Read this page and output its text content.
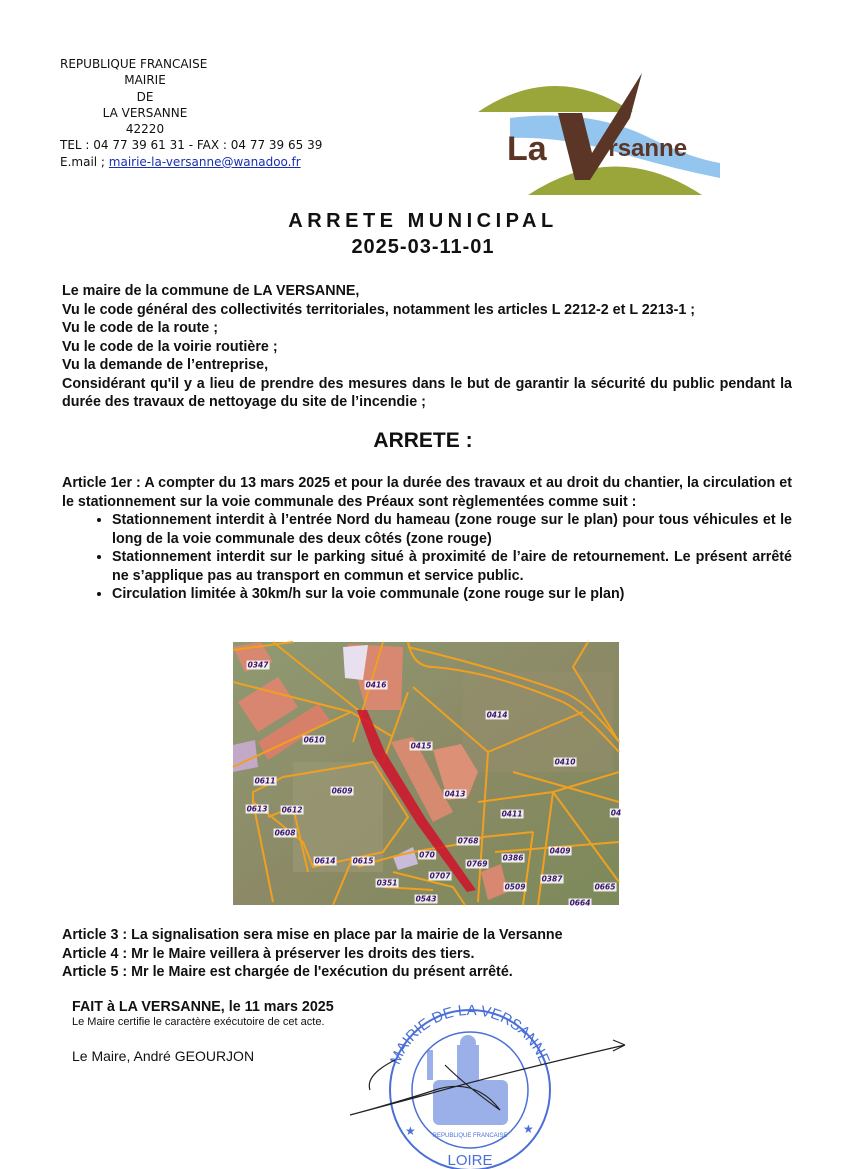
REPUBLIQUE FRANCAISE
MAIRIE
DE
LA VERSANNE
42220
TEL : 04 77 39 61 31 - FAX : 04 77 39 65 39
E.mail ; mairie-la-versanne@wanadoo.fr	La ersanne
ARRETE MUNICIPAL
2025-03-11-01
Le maire de la commune de LA VERSANNE,
Vu le code général des collectivités territoriales, notamment les articles L 2212-2 et L 2213-1 ;
Vu le code de la route ;
Vu le code de la voirie routière ;
Vu la demande de l’entreprise,
Considérant qu'il y a lieu de prendre des mesures dans le but de garantir la sécurité du public pendant la durée des travaux de nettoyage du site de l’incendie ;
ARRETE :
Article 1er : A compter du 13 mars 2025 et pour la durée des travaux et au droit du chantier, la circulation et le stationnement sur la voie communale des Préaux sont règlementées comme suit :
• Stationnement interdit à l’entrée Nord du hameau (zone rouge sur le plan) pour tous véhicules et le long de la voie communale des deux côtés (zone rouge)
• Stationnement interdit sur le parking situé à proximité de l’aire de retournement. Le présent arrêté ne s’applique pas au transport en commun et service public.
• Circulation limitée à 30km/h sur la voie communale (zone rouge sur le plan)
0347
0416
0414
0610
0415
0410
0611
0609	0413
0613 0612	0411
0608
0768
0409
0614 0615
070
0769
0386
0707
0351	0509
0387
0665
0543	0664
04
Article 3 : La signalisation sera mise en place par la mairie de la Versanne
Article 4 : Mr le Maire veillera à préserver les droits des tiers.
Article 5 : Mr le Maire est chargée de l'exécution du présent arrêté.
FAIT à LA VERSANNE, le 11 mars 2025
Le Maire certifie le caractère exécutoire de cet acte.
Le Maire, André GEOURJON	MAIRIE DE LA VERSANNE
REPUBLIQUE FRANCAISE
★	★
LOIRE
